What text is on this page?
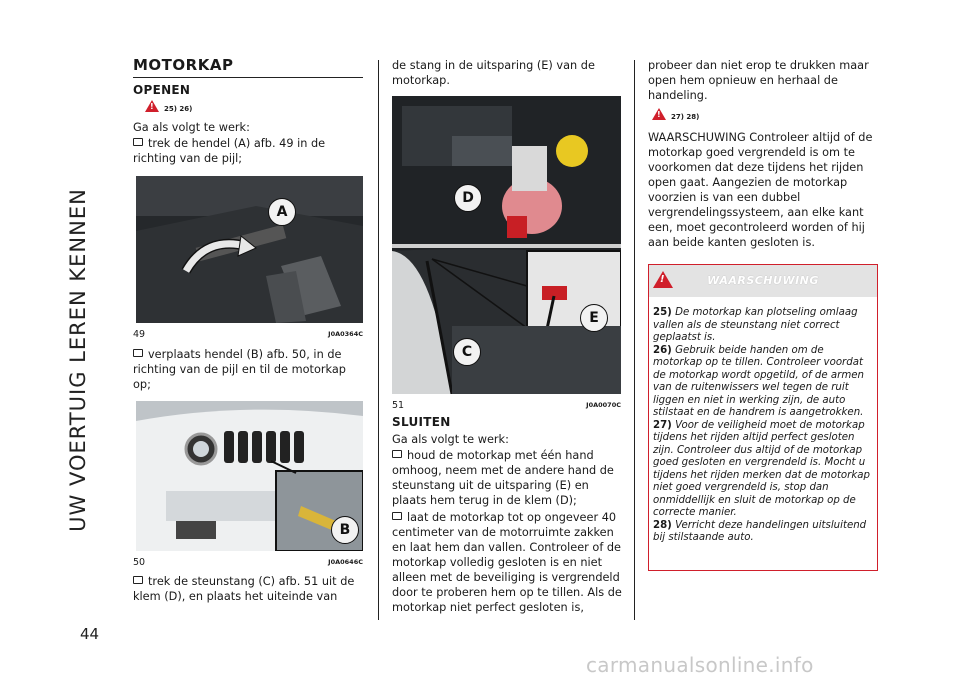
UW VOERTUIG LEREN KENNEN
44
MOTORKAP
OPENEN
! 25) 26)
Ga als volgt te werk:
trek de hendel (A) afb. 49 in de richting van de pijl;
A
49	J0A0364C
verplaats hendel (B) afb. 50, in de richting van de pijl en til de motorkap op;
B
50	J0A0646C
trek de steunstang (C) afb. 51 uit de klem (D), en plaats het uiteinde van
de stang in de uitsparing (E) van de motorkap.
D
E
C
51	J0A0070C
SLUITEN
Ga als volgt te werk:
houd de motorkap met één hand omhoog, neem met de andere hand de steunstang uit de uitsparing (E) en plaats hem terug in de klem (D);
laat de motorkap tot op ongeveer 40 centimeter van de motorruimte zakken en laat hem dan vallen. Controleer of de motorkap volledig gesloten is en niet alleen met de beveiliging is vergrendeld door te proberen hem op te tillen. Als de motorkap niet perfect gesloten is,
probeer dan niet erop te drukken maar open hem opnieuw en herhaal de handeling.
! 27) 28)
WAARSCHUWING Controleer altijd of de motorkap goed vergrendeld is om te voorkomen dat deze tijdens het rijden open gaat. Aangezien de motorkap voorzien is van een dubbel vergrendelingssysteem, aan elke kant een, moet gecontroleerd worden of hij aan beide kanten gesloten is.
!	WAARSCHUWING
25) De motorkap kan plotseling omlaag vallen als de steunstang niet correct geplaatst is.
26) Gebruik beide handen om de motorkap op te tillen. Controleer voordat de motorkap wordt opgetild, of de armen van de ruitenwissers wel tegen de ruit liggen en niet in werking zijn, de auto stilstaat en de handrem is aangetrokken.
27) Voor de veiligheid moet de motorkap tijdens het rijden altijd perfect gesloten zijn. Controleer dus altijd of de motorkap goed gesloten en vergrendeld is. Mocht u tijdens het rijden merken dat de motorkap niet goed vergrendeld is, stop dan onmiddellijk en sluit de motorkap op de correcte manier.
28) Verricht deze handelingen uitsluitend bij stilstaande auto.
carmanualsonline.info
